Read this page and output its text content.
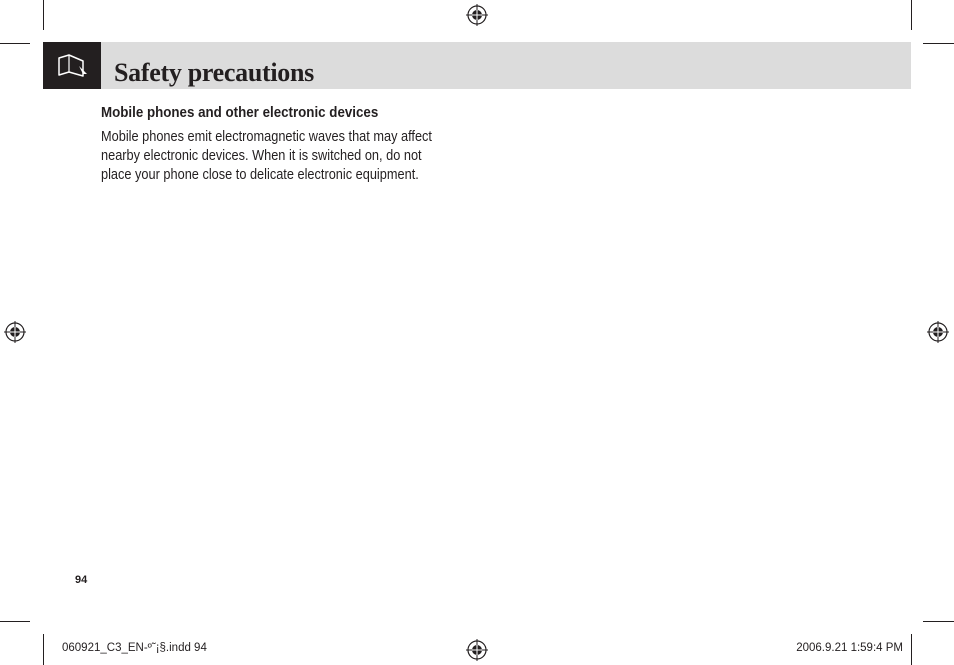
Safety precautions
Mobile phones and other electronic devices
Mobile phones emit electromagnetic waves that may affect
nearby electronic devices. When it is switched on, do not
place your phone close to delicate electronic equipment.
94
060921_C3_EN-º˜¡§.indd 94	2006.9.21 1:59:4 PM
